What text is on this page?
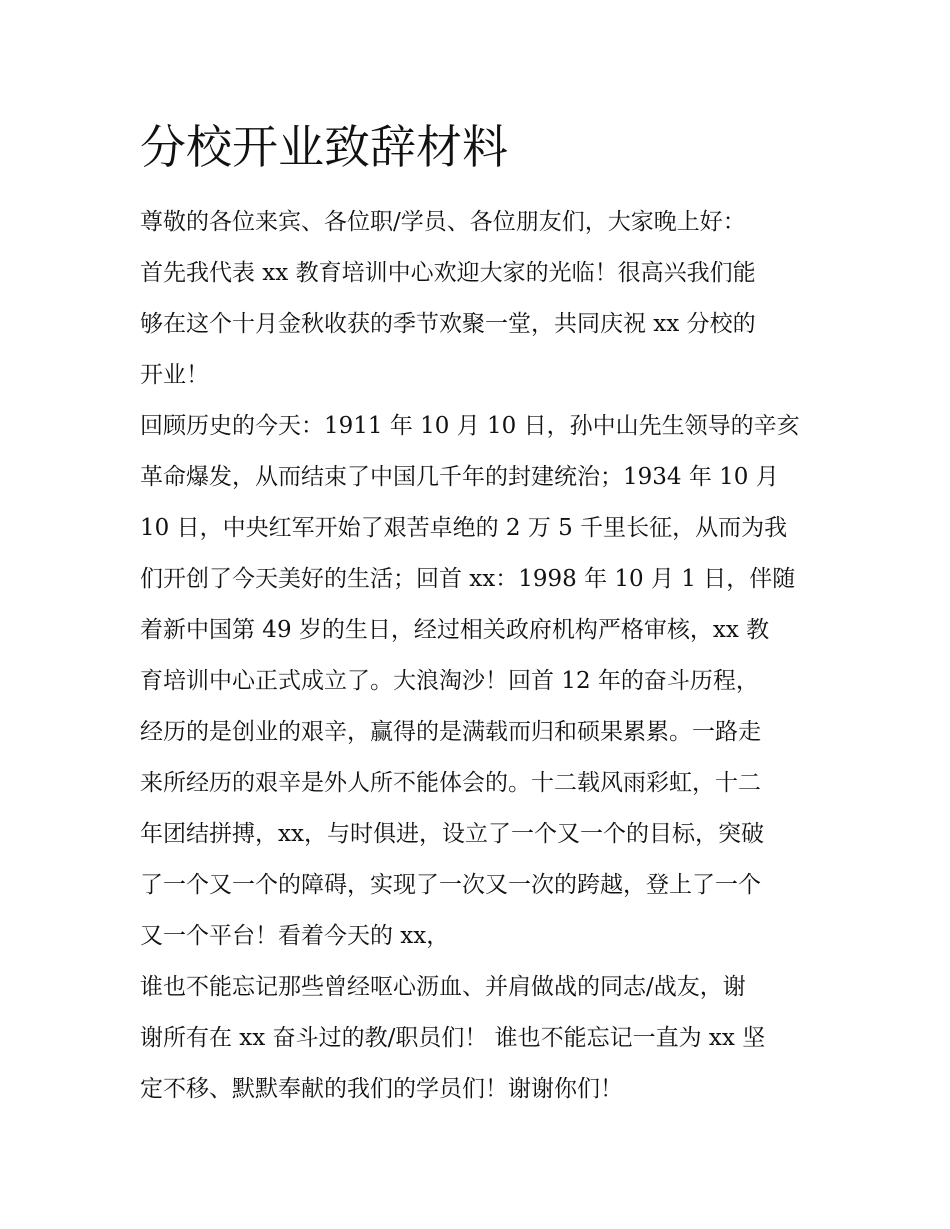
分校开业致辞材料

尊敬的各位来宾、各位职/学员、各位朋友们，大家晚上好：

首先我代表 xx 教育培训中心欢迎大家的光临！很高兴我们能

够在这个十月金秋收获的季节欢聚一堂，共同庆祝 xx 分校的

开业！

回顾历史的今天：1911 年 10 月 10 日，孙中山先生领导的辛亥

革命爆发，从而结束了中国几千年的封建统治；1934 年 10 月

10 日，中央红军开始了艰苦卓绝的 2 万 5 千里长征，从而为我

们开创了今天美好的生活；回首 xx：1998 年 10 月 1 日，伴随

着新中国第 49 岁的生日，经过相关政府机构严格审核，xx 教

育培训中心正式成立了。大浪淘沙！回首 12 年的奋斗历程，

经历的是创业的艰辛，赢得的是满载而归和硕果累累。一路走

来所经历的艰辛是外人所不能体会的。十二载风雨彩虹，十二

年团结拼搏，xx，与时俱进，设立了一个又一个的目标，突破

了一个又一个的障碍，实现了一次又一次的跨越，登上了一个

又一个平台！看着今天的 xx，

谁也不能忘记那些曾经呕心沥血、并肩做战的同志/战友，谢

谢所有在 xx 奋斗过的教/职员们！ 谁也不能忘记一直为 xx 坚

定不移、默默奉献的我们的学员们！谢谢你们！
